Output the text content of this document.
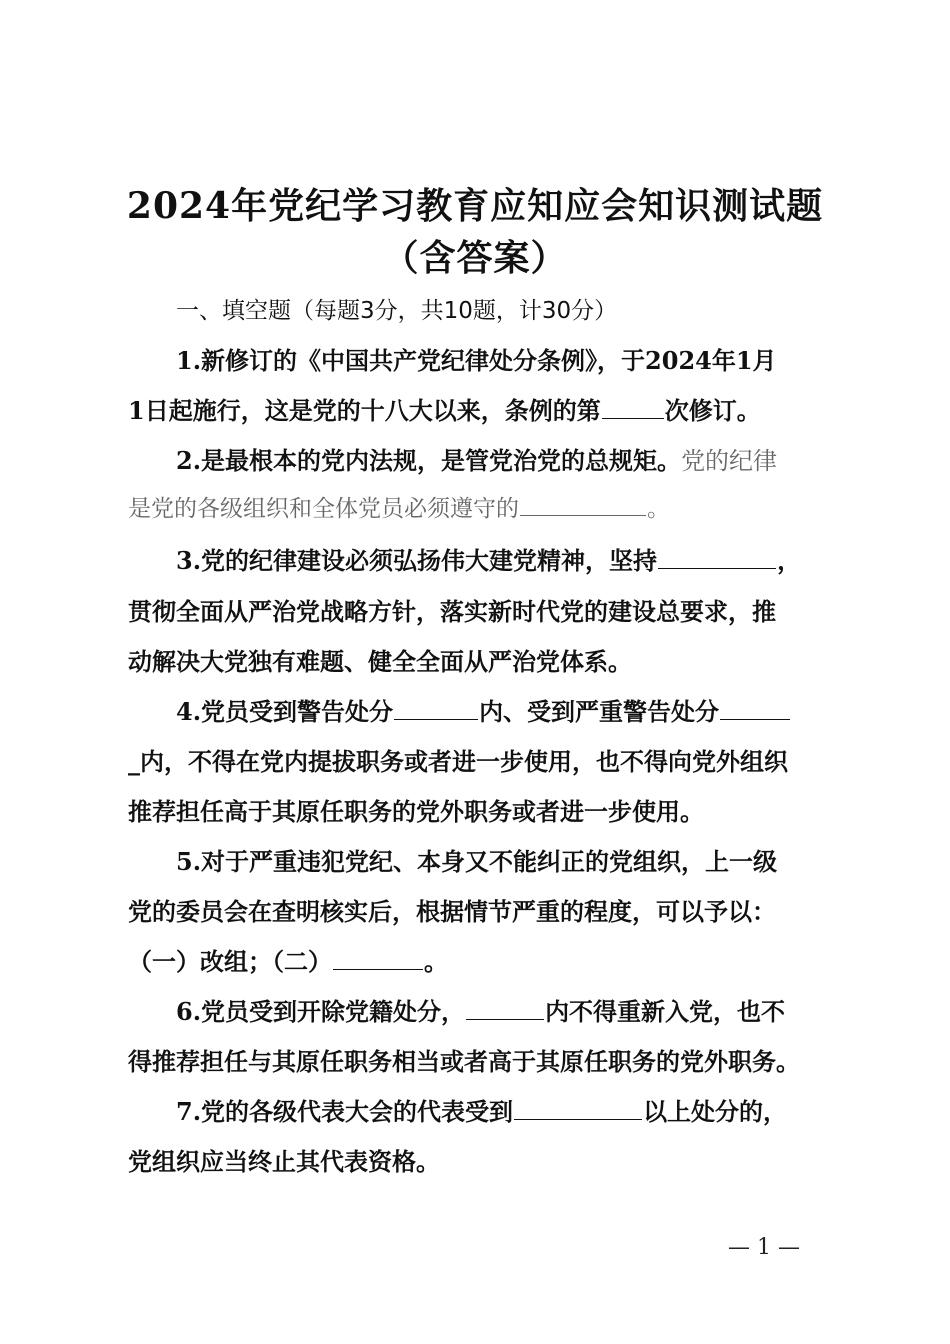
2024年党纪学习教育应知应会知识测试题
（含答案）
一、填空题（每题3分，共10题，计30分）
1.新修订的《中国共产党纪律处分条例》，于2024年1月
1日起施行，这是党的十八大以来，条例的第	次修订。
2.是最根本的党内法规，是管党治党的总规矩。党的纪律
是党的各级组织和全体党员必须遵守的	。
3.党的纪律建设必须弘扬伟大建党精神，坚持	，
贯彻全面从严治党战略方针，落实新时代党的建设总要求，推
动解决大党独有难题、健全全面从严治党体系。
4.党员受到警告处分	内、受到严重警告处分
_内，不得在党内提拔职务或者进一步使用，也不得向党外组织
推荐担任高于其原任职务的党外职务或者进一步使用。
5.对于严重违犯党纪、本身又不能纠正的党组织，上一级
党的委员会在查明核实后，根据情节严重的程度，可以予以：
（一）改组；（二）	。
6.党员受到开除党籍处分，	内不得重新入党，也不
得推荐担任与其原任职务相当或者高于其原任职务的党外职务。
7.党的各级代表大会的代表受到	以上处分的，
党组织应当终止其代表资格。
— 1 —
